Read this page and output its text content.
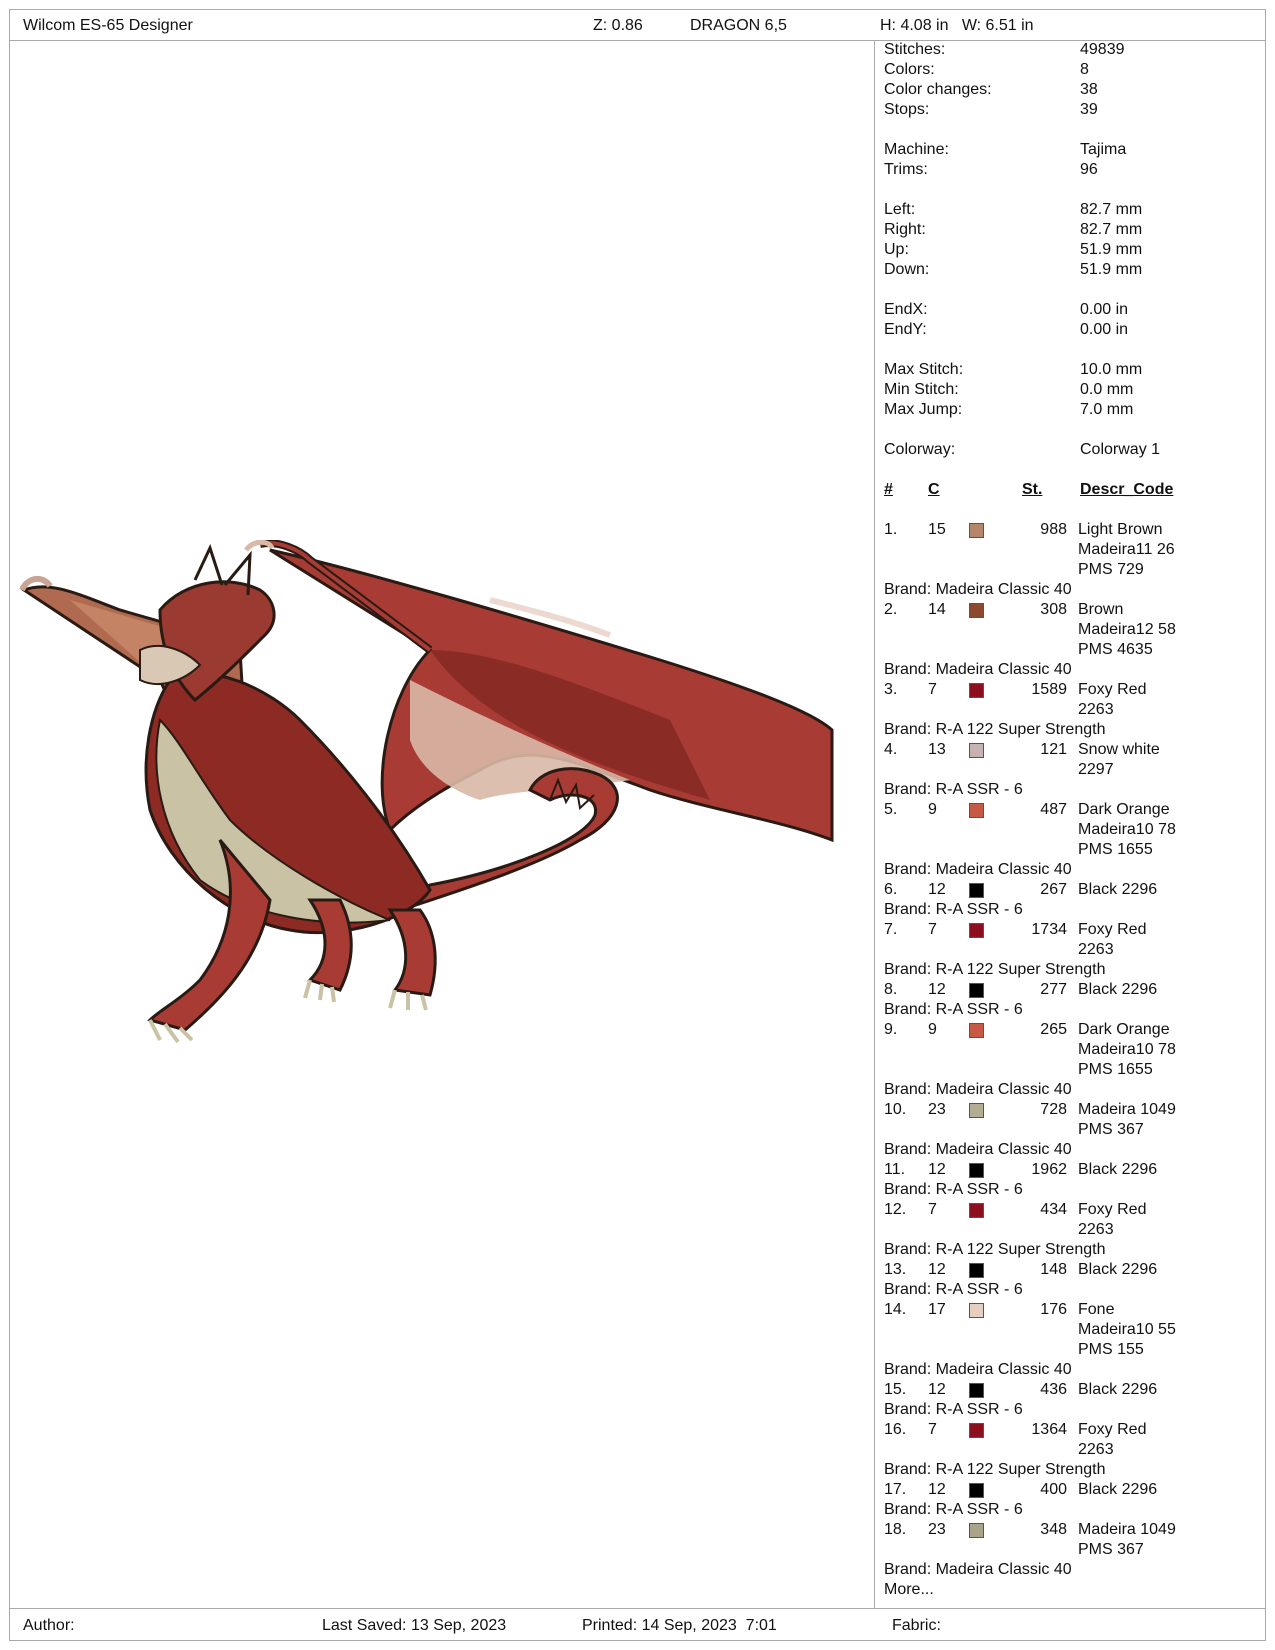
Wilcom ES-65 Designer	Z: 0.86	DRAGON 6,5	H: 4.08 in   W: 6.51 in
Stitches:	49839
Colors:	8
Color changes:	38
Stops:	39
Machine:	Tajima
Trims:	96
Left:	82.7 mm
Right:	82.7 mm
Up:	51.9 mm
Down:	51.9 mm
EndX:	0.00 in
EndY:	0.00 in
Max Stitch:	10.0 mm
Min Stitch:	0.0 mm
Max Jump:	7.0 mm
Colorway:	Colorway 1
# C	St. Descr_Code
1. 15	988 Light Brown
Madeira11 26
PMS 729
Brand: Madeira Classic 40
2. 14	308 Brown
Madeira12 58
PMS 4635
Brand: Madeira Classic 40
3. 7	1589 Foxy Red
2263
Brand: R-A 122 Super Strength
4. 13	121 Snow white
2297
Brand: R-A SSR - 6
5. 9	487 Dark Orange
Madeira10 78
PMS 1655
Brand: Madeira Classic 40
6. 12	267 Black 2296
Brand: R-A SSR - 6
7. 7	1734 Foxy Red
2263
Brand: R-A 122 Super Strength
8. 12	277 Black 2296
Brand: R-A SSR - 6
9. 9	265 Dark Orange
Madeira10 78
PMS 1655
Brand: Madeira Classic 40
10. 23	728 Madeira 1049
PMS 367
Brand: Madeira Classic 40
11. 12	1962 Black 2296
Brand: R-A SSR - 6
12. 7	434 Foxy Red
2263
Brand: R-A 122 Super Strength
13. 12	148 Black 2296
Brand: R-A SSR - 6
14. 17	176 Fone
Madeira10 55
PMS 155
Brand: Madeira Classic 40
15. 12	436 Black 2296
Brand: R-A SSR - 6
16. 7	1364 Foxy Red
2263
Brand: R-A 122 Super Strength
17. 12	400 Black 2296
Brand: R-A SSR - 6
18. 23	348 Madeira 1049
PMS 367
Brand: Madeira Classic 40
More...
Author:	Last Saved: 13 Sep, 2023	Printed: 14 Sep, 2023  7:01	Fabric:
